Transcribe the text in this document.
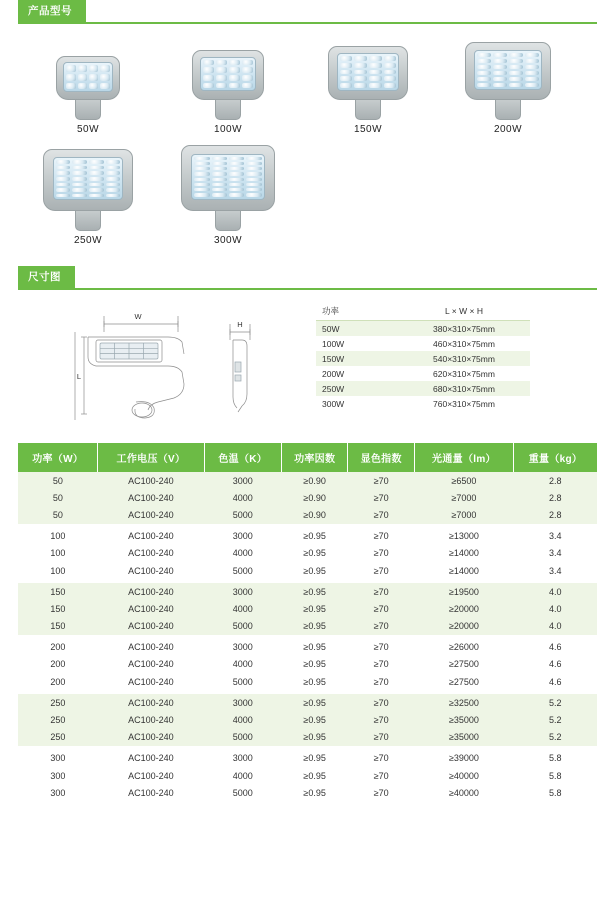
产品型号
50W	100W	150W	200W
250W	300W
尺寸图
W
L
H
功率	L × W × H
50W	380×310×75mm
100W	460×310×75mm
150W	540×310×75mm
200W	620×310×75mm
250W	680×310×75mm
300W	760×310×75mm
功率（W）	工作电压（V）	色温（K）	功率因数	显色指数	光通量（lm）	重量（kg）
50	AC100-240	3000	≥0.90	≥70	≥6500	2.8
50	AC100-240	4000	≥0.90	≥70	≥7000	2.8
50	AC100-240	5000	≥0.90	≥70	≥7000	2.8

100	AC100-240	3000	≥0.95	≥70	≥13000	3.4
100	AC100-240	4000	≥0.95	≥70	≥14000	3.4
100	AC100-240	5000	≥0.95	≥70	≥14000	3.4

150	AC100-240	3000	≥0.95	≥70	≥19500	4.0
150	AC100-240	4000	≥0.95	≥70	≥20000	4.0
150	AC100-240	5000	≥0.95	≥70	≥20000	4.0

200	AC100-240	3000	≥0.95	≥70	≥26000	4.6
200	AC100-240	4000	≥0.95	≥70	≥27500	4.6
200	AC100-240	5000	≥0.95	≥70	≥27500	4.6

250	AC100-240	3000	≥0.95	≥70	≥32500	5.2
250	AC100-240	4000	≥0.95	≥70	≥35000	5.2
250	AC100-240	5000	≥0.95	≥70	≥35000	5.2

300	AC100-240	3000	≥0.95	≥70	≥39000	5.8
300	AC100-240	4000	≥0.95	≥70	≥40000	5.8
300	AC100-240	5000	≥0.95	≥70	≥40000	5.8
